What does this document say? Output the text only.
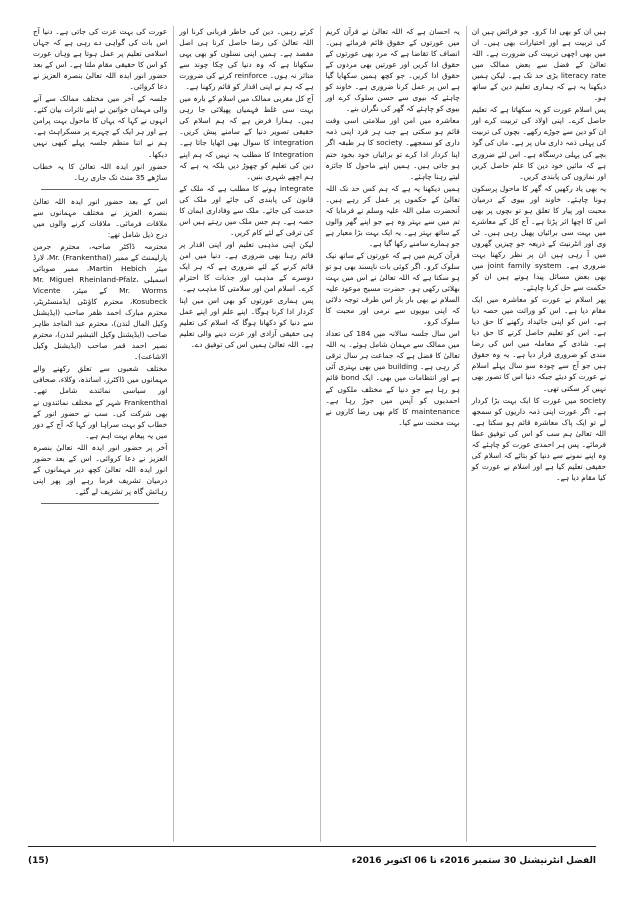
ہیں ان کو بھی ادا کرو۔ جو فرائض ہیں ان کی تربیت ہے اور اختیارات بھی ہیں۔ ان میں بھی اچھی تربیت کی ضرورت ہے۔ اللہ تعالیٰ کے فضل سے بعض ممالک میں literacy rate بڑی حد تک ہے۔ لیکن ہمیں دیکھنا یہ ہے کہ ہماری تعلیم دین کے ساتھ ہو۔

پس اسلام عورت کو یہ سکھاتا ہے کہ تعلیم حاصل کرے۔ اپنی اولاد کی تربیت کرے اور ان کو دین سے جوڑے رکھے۔ بچوں کی تربیت کی پہلی ذمہ داری ماں پر ہے۔ ماں کی گود بچے کی پہلی درسگاہ ہے۔ اس لئے ضروری ہے کہ مائیں خود دین کا علم حاصل کریں اور نمازوں کی پابندی کریں۔

یہ بھی یاد رکھیں کہ گھر کا ماحول پرسکون ہونا چاہئے۔ خاوند اور بیوی کے درمیان محبت اور پیار کا تعلق ہو تو بچوں پر بھی اس کا اچھا اثر پڑتا ہے۔ آج کل کے معاشرے میں بہت سی برائیاں پھیل رہی ہیں۔ ٹی وی اور انٹرنیٹ کے ذریعہ جو چیزیں گھروں میں آ رہی ہیں ان پر نظر رکھنا بہت ضروری ہے۔ joint family system میں بھی بعض مسائل پیدا ہوتے ہیں ان کو حکمت سے حل کرنا چاہئے۔

پھر اسلام نے عورت کو معاشرہ میں ایک مقام دیا ہے۔ اس کو وراثت میں حصہ دیا ہے۔ اس کو اپنی جائیداد رکھنے کا حق دیا ہے۔ اس کو تعلیم حاصل کرنے کا حق دیا ہے۔ شادی کے معاملہ میں اس کی رضا مندی کو ضروری قرار دیا ہے۔ یہ وہ حقوق ہیں جو آج سے چودہ سو سال پہلے اسلام نے عورت کو دیئے جبکہ دنیا اس کا تصور بھی نہیں کر سکتی تھی۔

society میں عورت کا ایک بہت بڑا کردار ہے۔ اگر عورت اپنی ذمہ داریوں کو سمجھ لے تو ایک پاک معاشرہ قائم ہو سکتا ہے۔ اللہ تعالیٰ ہم سب کو اس کی توفیق عطا فرمائے۔ پس ہر احمدی عورت کو چاہئے کہ وہ اپنے نمونے سے دنیا کو بتائے کہ اسلام کی حقیقی تعلیم کیا ہے اور اسلام نے عورت کو کیا مقام دیا ہے۔

یہ احسان ہے کہ اللہ تعالیٰ نے قرآن کریم میں عورتوں کے حقوق قائم فرمائے ہیں۔ انصاف کا تقاضا ہے کہ مرد بھی عورتوں کے حقوق ادا کریں اور عورتیں بھی مردوں کے حقوق ادا کریں۔ جو کچھ ہمیں سکھایا گیا ہے اس پر عمل کرنا ضروری ہے۔ خاوند کو چاہئے کہ بیوی سے حسن سلوک کرے اور بیوی کو چاہئے کہ گھر کی نگران بنے۔

معاشرہ میں امن اور سلامتی اسی وقت قائم ہو سکتی ہے جب ہر فرد اپنی ذمہ داری کو سمجھے۔ society کا ہر طبقہ اگر اپنا کردار ادا کرے تو برائیاں خود بخود ختم ہو جاتی ہیں۔ ہمیں اپنے ماحول کا جائزہ لیتے رہنا چاہئے۔

ہمیں دیکھنا یہ ہے کہ ہم کس حد تک اللہ تعالیٰ کے حکموں پر عمل کر رہے ہیں۔ آنحضرت صلی اللہ علیہ وسلم نے فرمایا کہ تم میں سے بہتر وہ ہے جو اپنے گھر والوں کے ساتھ بہتر ہے۔ یہ ایک بہت بڑا معیار ہے جو ہمارے سامنے رکھا گیا ہے۔

قرآن کریم میں ہے کہ عورتوں کے ساتھ نیک سلوک کرو۔ اگر کوئی بات ناپسند بھی ہو تو ہو سکتا ہے کہ اللہ تعالیٰ نے اس میں بہت بھلائی رکھی ہو۔ حضرت مسیح موعود علیہ السلام نے بھی بار بار اس طرف توجہ دلائی کہ اپنی بیویوں سے نرمی اور محبت کا سلوک کرو۔

اس سال جلسہ سالانہ میں 184 کی تعداد میں ممالک سے مہمان شامل ہوئے۔ یہ اللہ تعالیٰ کا فضل ہے کہ جماعت ہر سال ترقی کر رہی ہے۔ building میں بھی بہتری آئی ہے اور انتظامات میں بھی۔ ایک bond قائم ہو رہا ہے جو دنیا کے مختلف ملکوں کے احمدیوں کو آپس میں جوڑ رہا ہے۔ maintenance کا کام بھی رضا کاروں نے بہت محنت سے کیا۔

کرتے رہیں۔ دین کی خاطر قربانی کرنا اور اللہ تعالیٰ کی رضا حاصل کرنا ہی اصل مقصد ہے۔ ہمیں اپنی نسلوں کو بھی یہی سکھانا ہے کہ وہ دنیا کی چکا چوند سے متاثر نہ ہوں۔ reinforce کرنے کی ضرورت ہے کہ ہم نے اپنی اقدار کو قائم رکھنا ہے۔

آج کل مغربی ممالک میں اسلام کے بارہ میں بہت سی غلط فہمیاں پھیلائی جا رہی ہیں۔ ہمارا فرض ہے کہ ہم اسلام کی حقیقی تصویر دنیا کے سامنے پیش کریں۔ integration کا سوال بھی اٹھایا جاتا ہے۔ Integration کا مطلب یہ نہیں کہ ہم اپنے دین کی تعلیم کو چھوڑ دیں بلکہ یہ ہے کہ ہم اچھے شہری بنیں۔

integrate ہونے کا مطلب ہے کہ ملک کے قانون کی پابندی کی جائے اور ملک کی خدمت کی جائے۔ ملک سے وفاداری ایمان کا حصہ ہے۔ ہم جس ملک میں رہتے ہیں اس کی ترقی کے لئے کام کریں۔

لیکن اپنی مذہبی تعلیم اور اپنی اقدار پر قائم رہنا بھی ضروری ہے۔ دنیا میں امن قائم کرنے کے لئے ضروری ہے کہ ہر ایک دوسرے کے مذہب اور جذبات کا احترام کرے۔ اسلام امن اور سلامتی کا مذہب ہے۔

پس ہماری عورتوں کو بھی اس میں اپنا کردار ادا کرنا ہوگا۔ اپنے علم اور اپنے عمل سے دنیا کو دکھانا ہوگا کہ اسلام کی تعلیم ہی حقیقی آزادی اور عزت دینے والی تعلیم ہے۔ اللہ تعالیٰ ہمیں اس کی توفیق دے۔

عورت کی بہت عزت کی جاتی ہے۔ دنیا آج اس بات کی گواہی دے رہی ہے کہ جہاں اسلامی تعلیم پر عمل ہوتا ہے وہاں عورت کو اس کا حقیقی مقام ملتا ہے۔ اس کے بعد حضور انور ایدہ اللہ تعالیٰ بنصرہ العزیز نے دعا کروائی۔

جلسہ کے آخر میں مختلف ممالک سے آنے والی مہمان خواتین نے اپنے تاثرات بیان کئے۔ انہوں نے کہا کہ یہاں کا ماحول بہت پرامن ہے اور ہر ایک کے چہرے پر مسکراہٹ ہے۔ ہم نے اتنا منظم جلسہ پہلے کبھی نہیں دیکھا۔

حضور انور ایدہ اللہ تعالیٰ کا یہ خطاب ساڑھے 35 منٹ تک جاری رہا۔

اس کے بعد حضور انور ایدہ اللہ تعالیٰ بنصرہ العزیز نے مختلف مہمانوں سے ملاقات فرمائی۔ ملاقات کرنے والوں میں درج ذیل شامل تھے:

محترمہ ڈاکٹر صاحبہ، محترم جرمن پارلیمنٹ کے ممبر Mr. (Frankenthal)، لارڈ میئر Martin Hebich، ممبر صوبائی اسمبلی Mr. Miguel Rheinland-Pfalz، Mr. Worms کے میئر، Vicente Kosubeck، محترم کاؤنٹی ایڈمنسٹریٹر، محترم مبارک احمد ظفر صاحب (ایڈیشنل وکیل المال لندن)، محترم عبد الماجد طاہر صاحب (ایڈیشنل وکیل التبشیر لندن)، محترم نصیر احمد قمر صاحب (ایڈیشنل وکیل الاشاعت)۔

مختلف شعبوں سے تعلق رکھنے والے مہمانوں میں ڈاکٹرز، اساتذہ، وکلاء، صحافی اور سیاسی نمائندے شامل تھے۔ Frankenthal شہر کے مختلف نمائندوں نے بھی شرکت کی۔ سب نے حضور انور کے خطاب کو بہت سراہا اور کہا کہ آج کے دور میں یہ پیغام بہت اہم ہے۔

آخر پر حضور انور ایدہ اللہ تعالیٰ بنصرہ العزیز نے دعا کروائی۔ اس کے بعد حضور انور ایدہ اللہ تعالیٰ کچھ دیر مہمانوں کے درمیان تشریف فرما رہے اور پھر اپنی رہائش گاہ پر تشریف لے گئے۔

(15)	الفضل انٹرنیشنل 30 ستمبر 2016ء تا 06 اکتوبر 2016ء
